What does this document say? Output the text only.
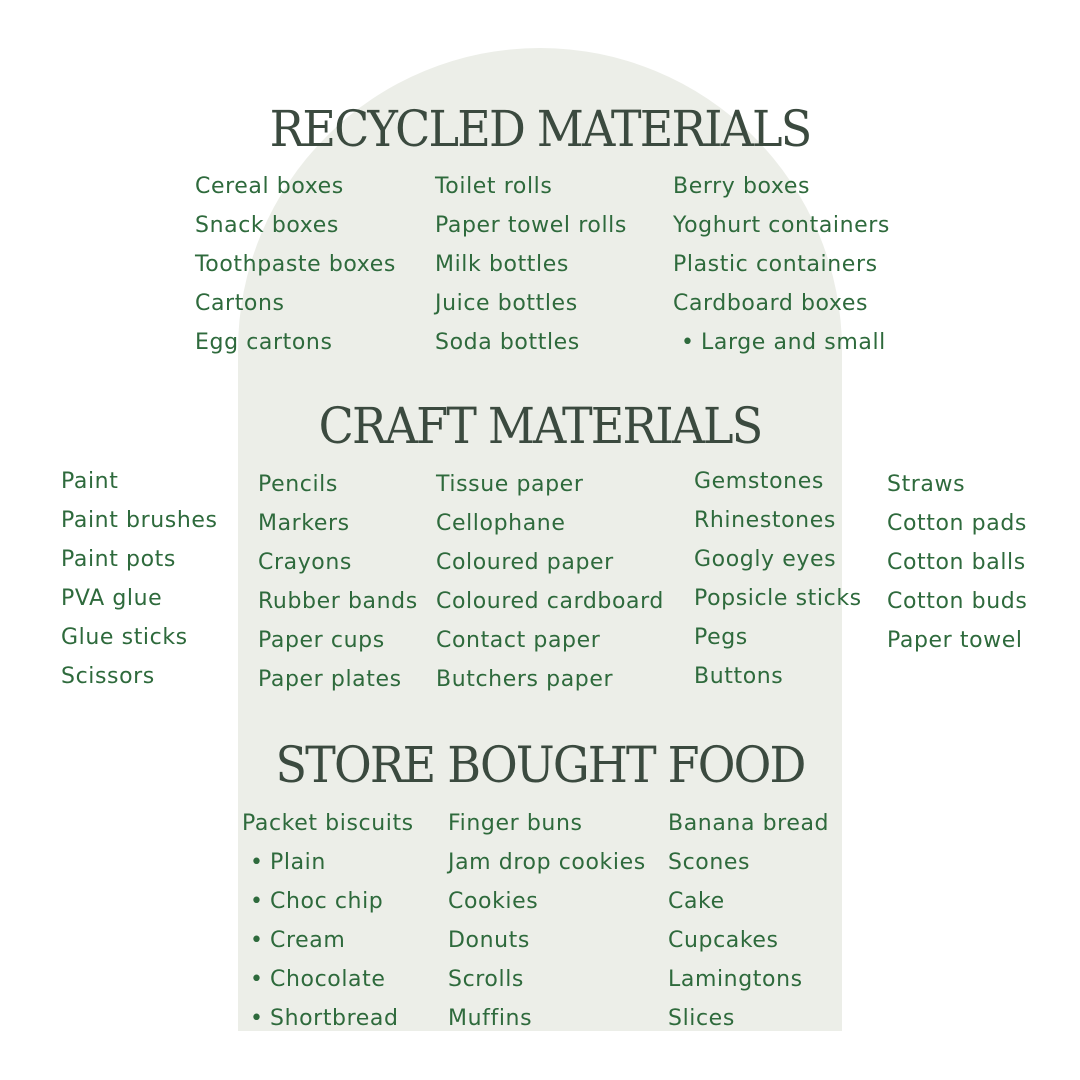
RECYCLED MATERIALS
Cereal boxes
Snack boxes
Toothpaste boxes
Cartons
Egg cartons
Toilet rolls
Paper towel rolls
Milk bottles
Juice bottles
Soda bottles
Berry boxes
Yoghurt containers
Plastic containers
Cardboard boxes
• Large and small
CRAFT MATERIALS
Paint
Paint brushes
Paint pots
PVA glue
Glue sticks
Scissors
Pencils
Markers
Crayons
Rubber bands
Paper cups
Paper plates
Tissue paper
Cellophane
Coloured paper
Coloured cardboard
Contact paper
Butchers paper
Gemstones
Rhinestones
Googly eyes
Popsicle sticks
Pegs
Buttons
Straws
Cotton pads
Cotton balls
Cotton buds
Paper towel
STORE BOUGHT FOOD
Packet biscuits
• Plain
• Choc chip
• Cream
• Chocolate
• Shortbread
Finger buns
Jam drop cookies
Cookies
Donuts
Scrolls
Muffins
Banana bread
Scones
Cake
Cupcakes
Lamingtons
Slices
